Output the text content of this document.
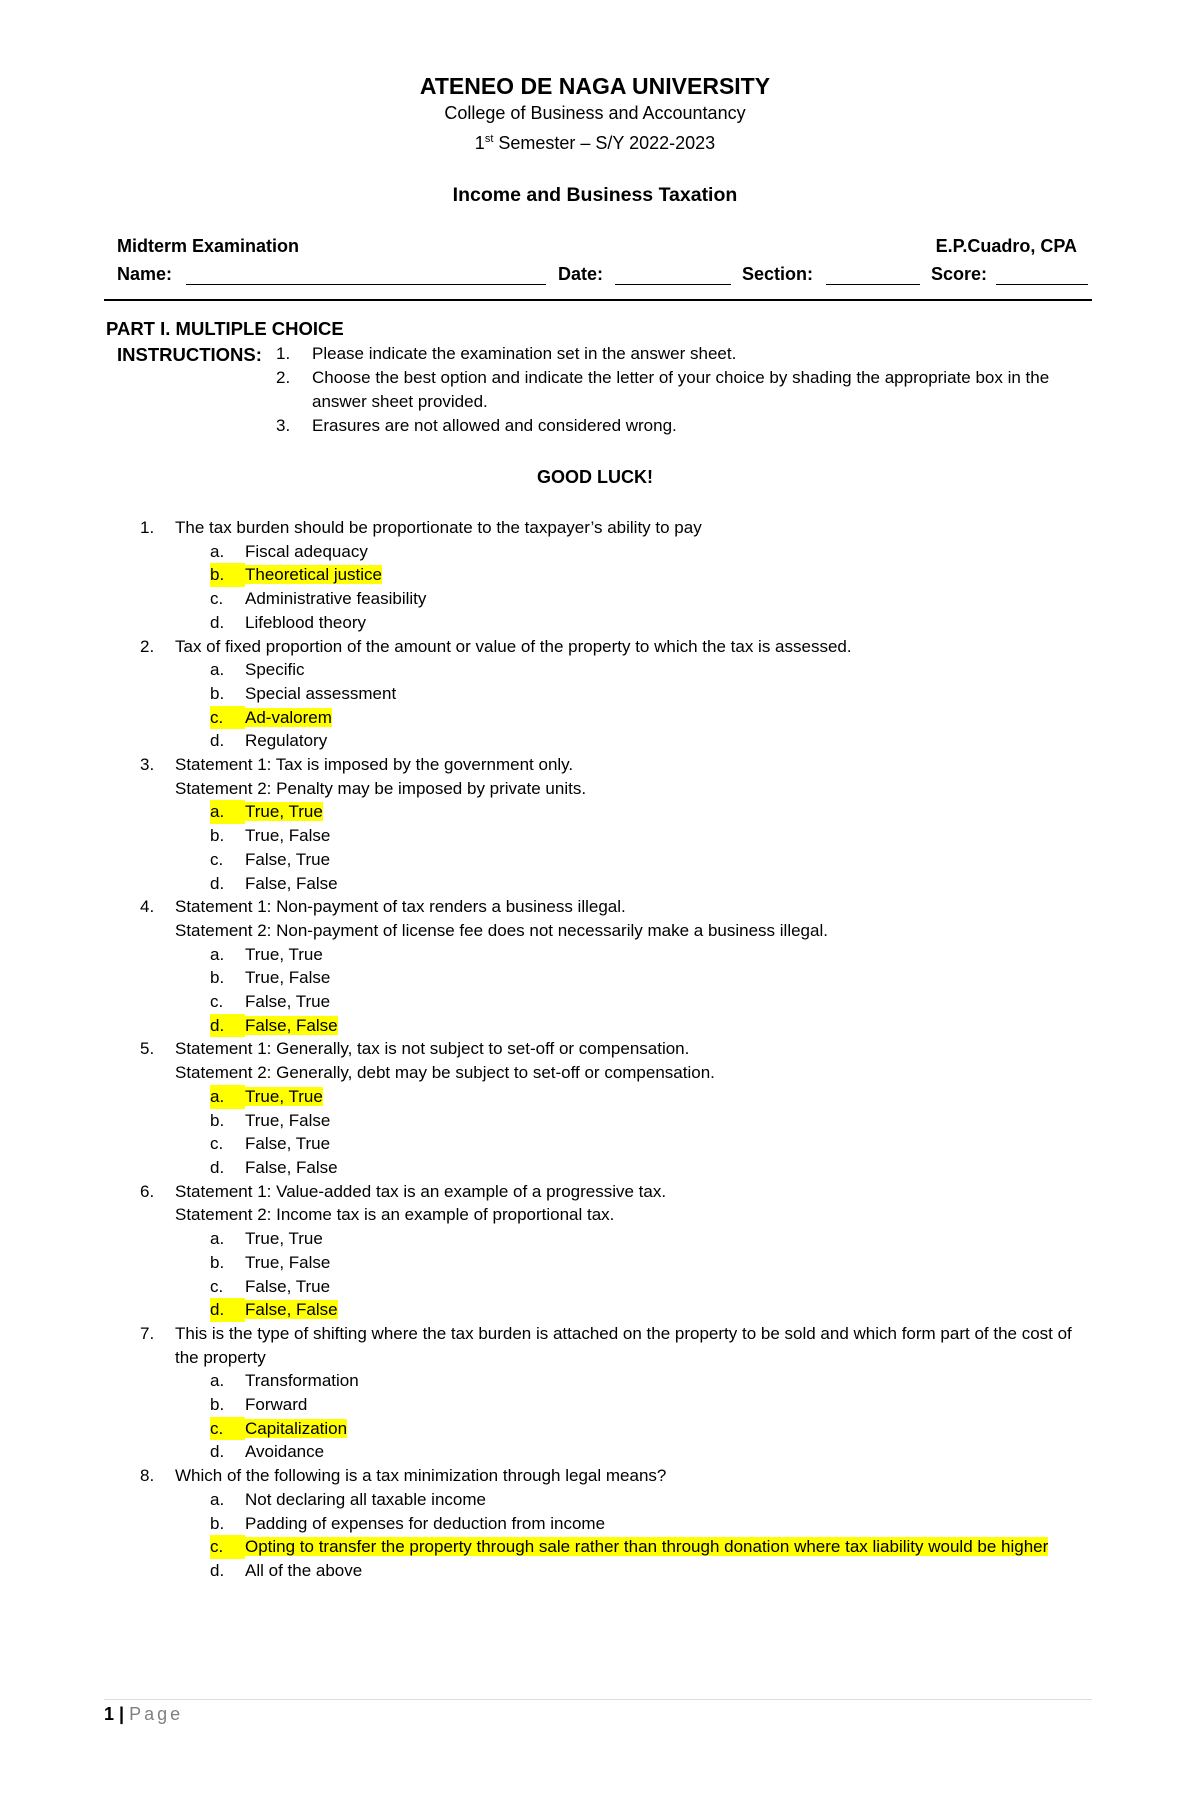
ATENEO DE NAGA UNIVERSITY
College of Business and Accountancy
1st Semester – S/Y 2022-2023
Income and Business Taxation
Midterm Examination	E.P.Cuadro, CPA
Name:	Date:	Section:	Score:
PART I. MULTIPLE CHOICE
INSTRUCTIONS: 1.	Please indicate the examination set in the answer sheet.
2.	Choose the best option and indicate the letter of your choice by shading the appropriate box in the answer sheet provided.
3.	Erasures are not allowed and considered wrong.
GOOD LUCK!
1.	The tax burden should be proportionate to the taxpayer’s ability to pay
a.	Fiscal adequacy
b.	Theoretical justice
c.	Administrative feasibility
d.	Lifeblood theory
2.	Tax of fixed proportion of the amount or value of the property to which the tax is assessed.
a.	Specific
b.	Special assessment
c.	Ad-valorem
d.	Regulatory
3.	Statement 1: Tax is imposed by the government only.
Statement 2: Penalty may be imposed by private units.
a.	True, True
b.	True, False
c.	False, True
d.	False, False
4.	Statement 1: Non-payment of tax renders a business illegal.
Statement 2: Non-payment of license fee does not necessarily make a business illegal.
a.	True, True
b.	True, False
c.	False, True
d.	False, False
5.	Statement 1: Generally, tax is not subject to set-off or compensation.
Statement 2: Generally, debt may be subject to set-off or compensation.
a.	True, True
b.	True, False
c.	False, True
d.	False, False
6.	Statement 1: Value-added tax is an example of a progressive tax.
Statement 2: Income tax is an example of proportional tax.
a.	True, True
b.	True, False
c.	False, True
d.	False, False
7.	This is the type of shifting where the tax burden is attached on the property to be sold and which form part of the cost of the property
a.	Transformation
b.	Forward
c.	Capitalization
d.	Avoidance
8.	Which of the following is a tax minimization through legal means?
a.	Not declaring all taxable income
b.	Padding of expenses for deduction from income
c.	Opting to transfer the property through sale rather than through donation where tax liability would be higher
d.	All of the above
1 | Page
